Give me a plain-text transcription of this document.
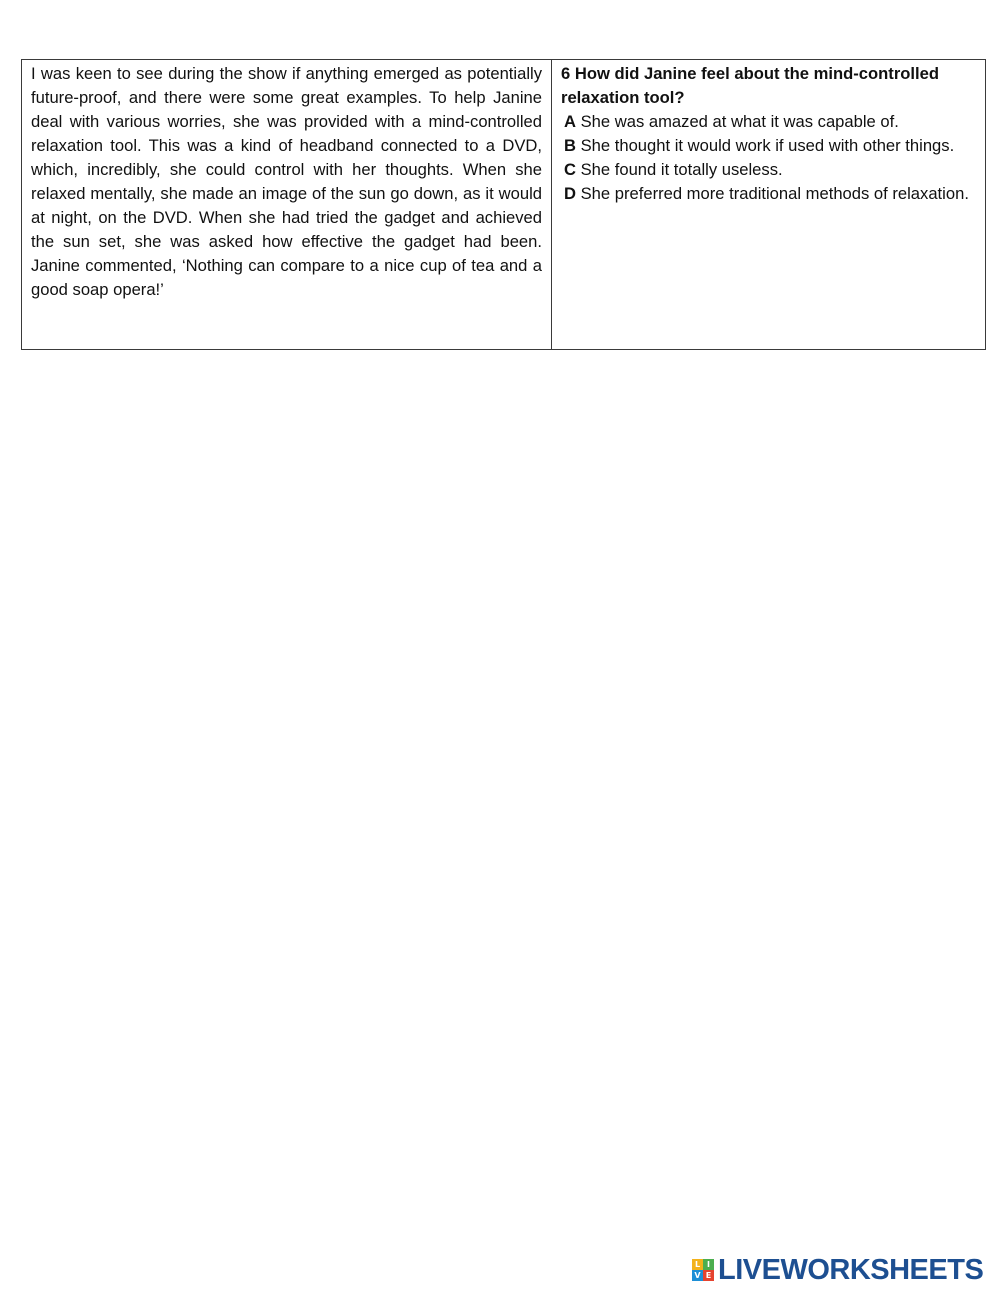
I was keen to see during the show if anything emerged as potentially future-proof, and there were some great examples. To help Janine deal with various worries, she was provided with a mind-controlled relaxation tool. This was a kind of headband connected to a DVD, which, incredibly, she could control with her thoughts. When she relaxed mentally, she made an image of the sun go down, as it would at night, on the DVD. When she had tried the gadget and achieved the sun set, she was asked how effective the gadget had been. Janine commented, ‘Nothing can compare to a nice cup of tea and a good soap opera!’

6 How did Janine feel about the mind-controlled relaxation tool?

A She was amazed at what it was capable of.

B She thought it would work if used with other things.

C She found it totally useless.

D She preferred more traditional methods of relaxation.

L I
V E LIVEWORKSHEETS
